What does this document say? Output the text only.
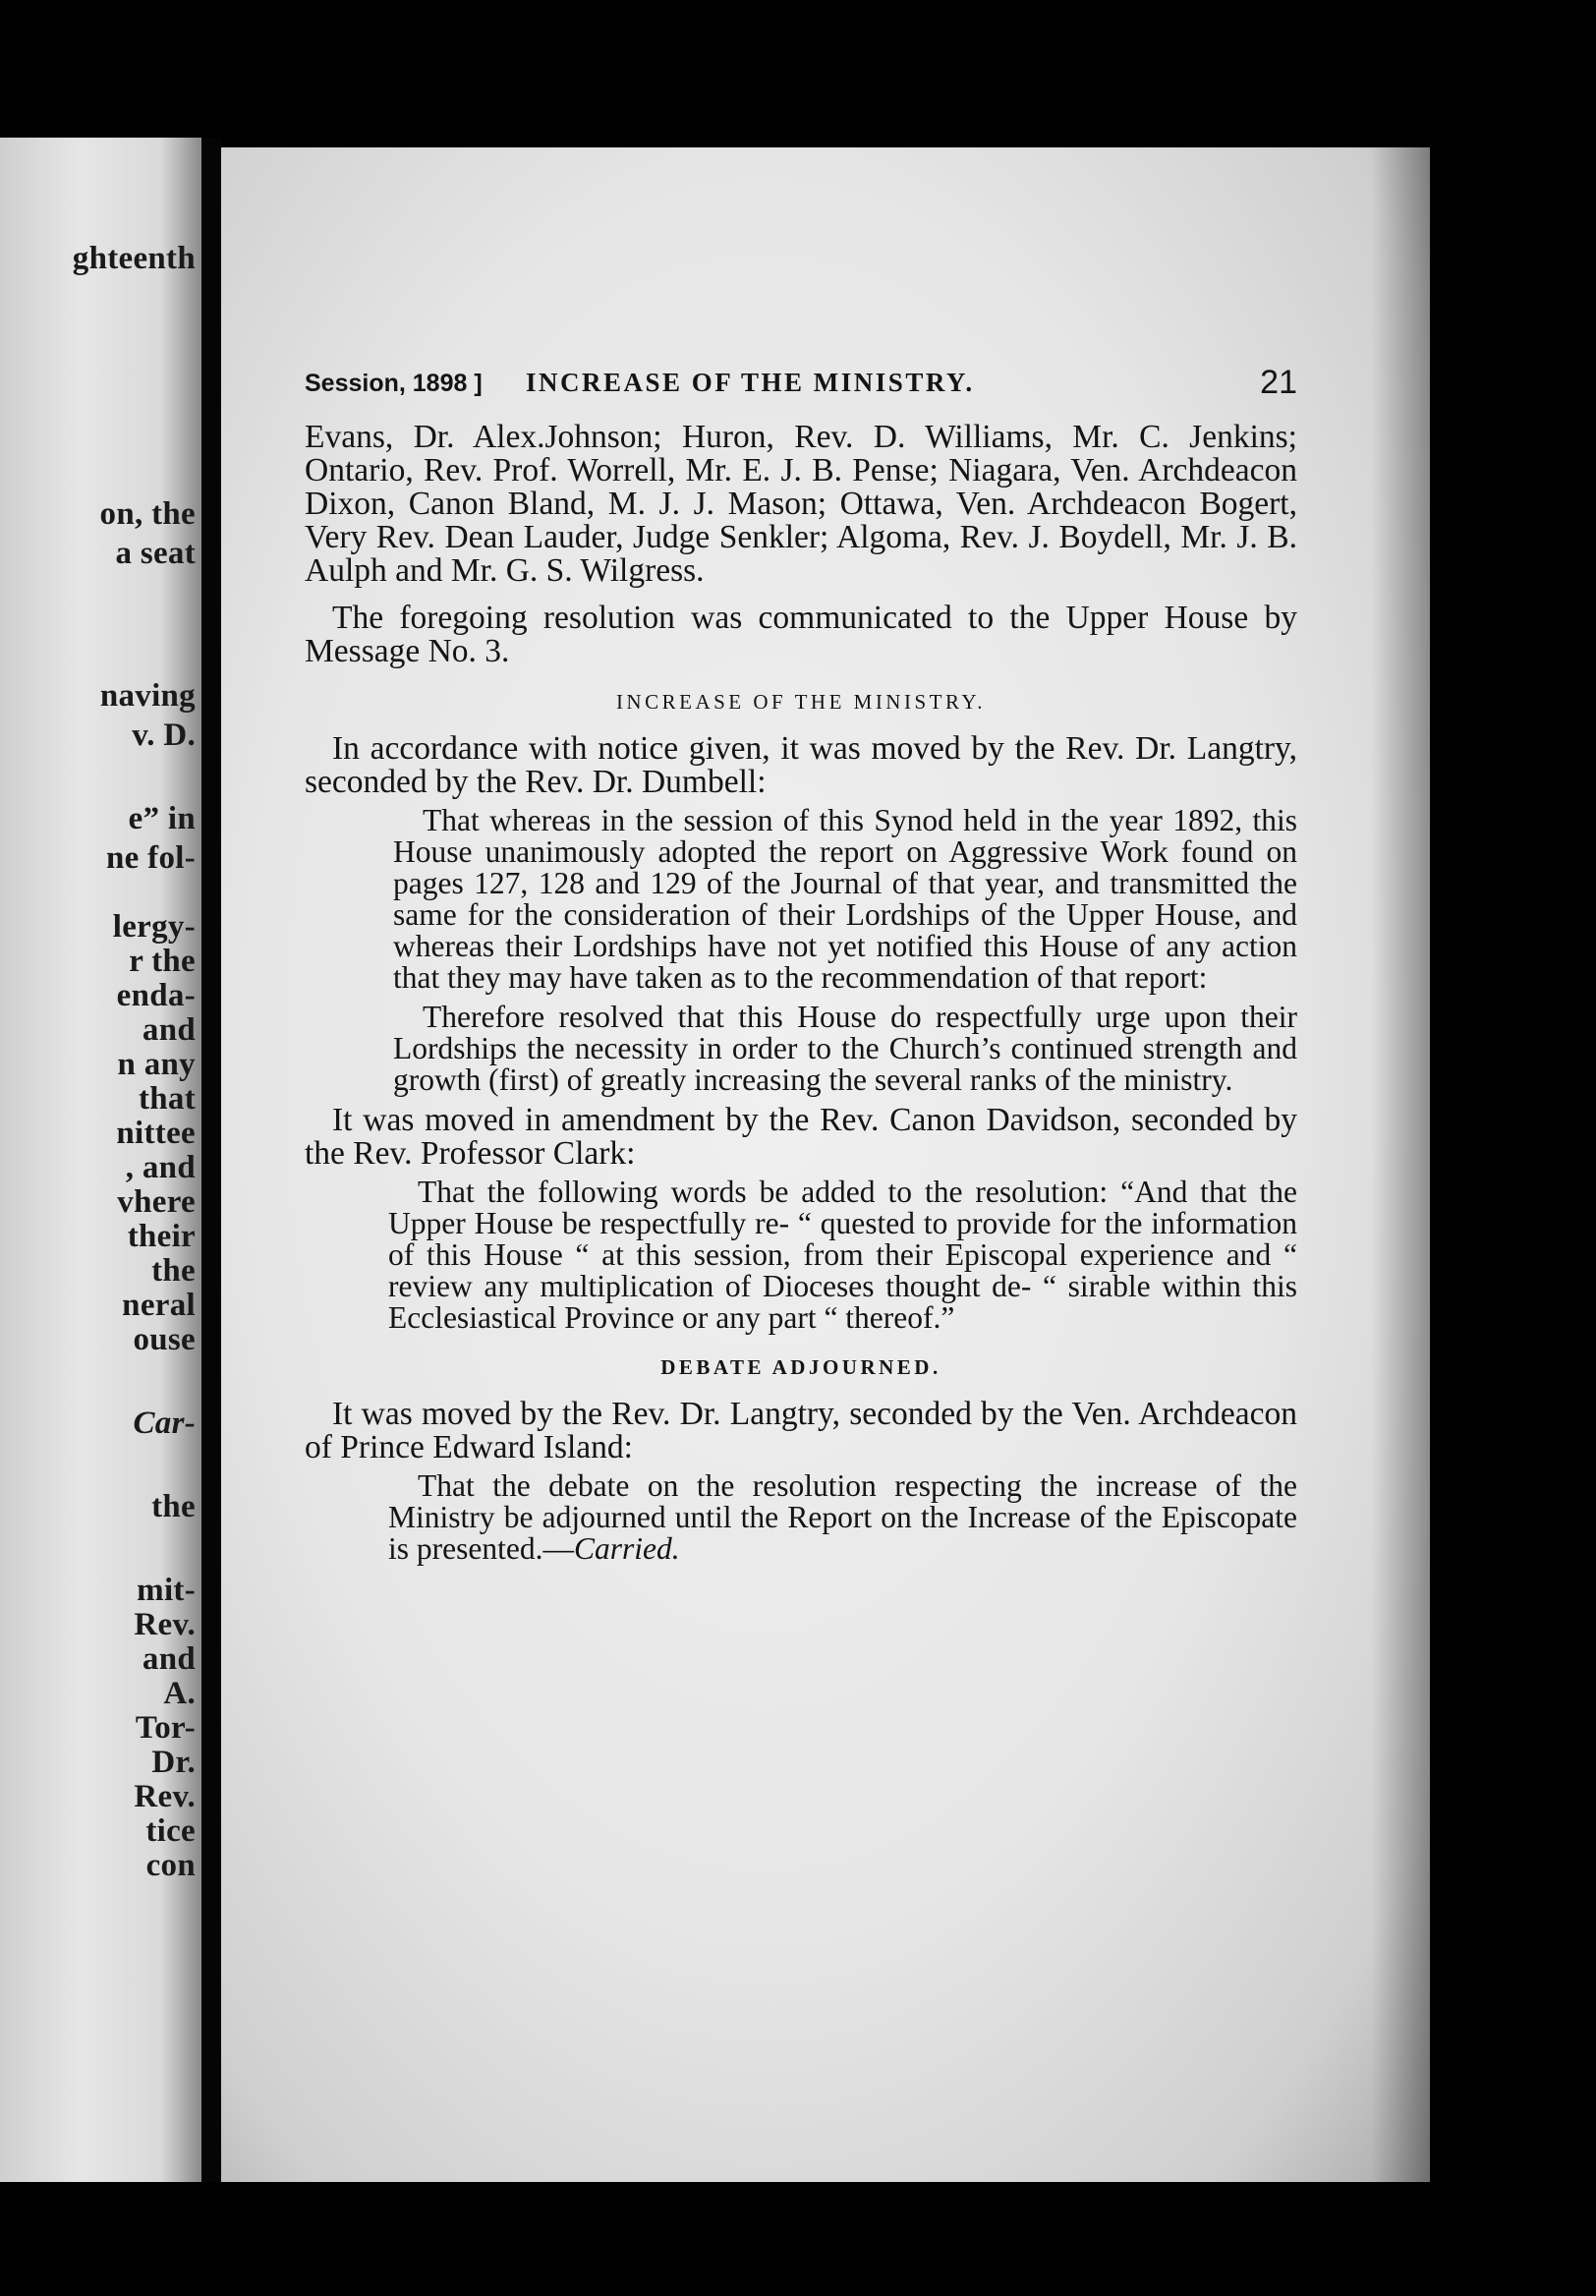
ghteenth
on, the
a seat
naving
v. D.
e” in
ne fol-
lergy-
r the
enda-
and
n any
that
nittee
, and
vhere
their
the
neral
ouse
Car-
the
mit-
Rev.
and
A.
Tor-
Dr.
Rev.
tice
con
Session, 1898 ] INCREASE OF THE MINISTRY.	21

Evans, Dr. Alex.Johnson; Huron, Rev. D. Williams, Mr. C. Jenkins; Ontario, Rev. Prof. Worrell, Mr. E. J. B. Pense; Niagara, Ven. Archdeacon Dixon, Canon Bland, M. J. J. Mason; Ottawa, Ven. Archdeacon Bogert, Very Rev. Dean Lauder, Judge Senkler; Algoma, Rev. J. Boydell, Mr. J. B. Aulph and Mr. G. S. Wilgress.

The foregoing resolution was communicated to the Upper House by Message No. 3.

INCREASE OF THE MINISTRY.

In accordance with notice given, it was moved by the Rev. Dr. Langtry, seconded by the Rev. Dr. Dumbell:

That whereas in the session of this Synod held in the year 1892, this House unanimously adopted the report on Aggressive Work found on pages 127, 128 and 129 of the Journal of that year, and transmitted the same for the consideration of their Lordships of the Upper House, and whereas their Lordships have not yet notified this House of any action that they may have taken as to the recommendation of that report:

Therefore resolved that this House do respectfully urge upon their Lordships the necessity in order to the Church’s continued strength and growth (first) of greatly increasing the several ranks of the ministry.

It was moved in amendment by the Rev. Canon Davidson, seconded by the Rev. Professor Clark:

That the following words be added to the resolution: “And that the Upper House be respectfully re- “ quested to provide for the information of this House “ at this session, from their Episcopal experience and “ review any multiplication of Dioceses thought de- “ sirable within this Ecclesiastical Province or any part “ thereof.”

DEBATE ADJOURNED.

It was moved by the Rev. Dr. Langtry, seconded by the Ven. Archdeacon of Prince Edward Island:

That the debate on the resolution respecting the increase of the Ministry be adjourned until the Report on the Increase of the Episcopate is presented.—Carried.
